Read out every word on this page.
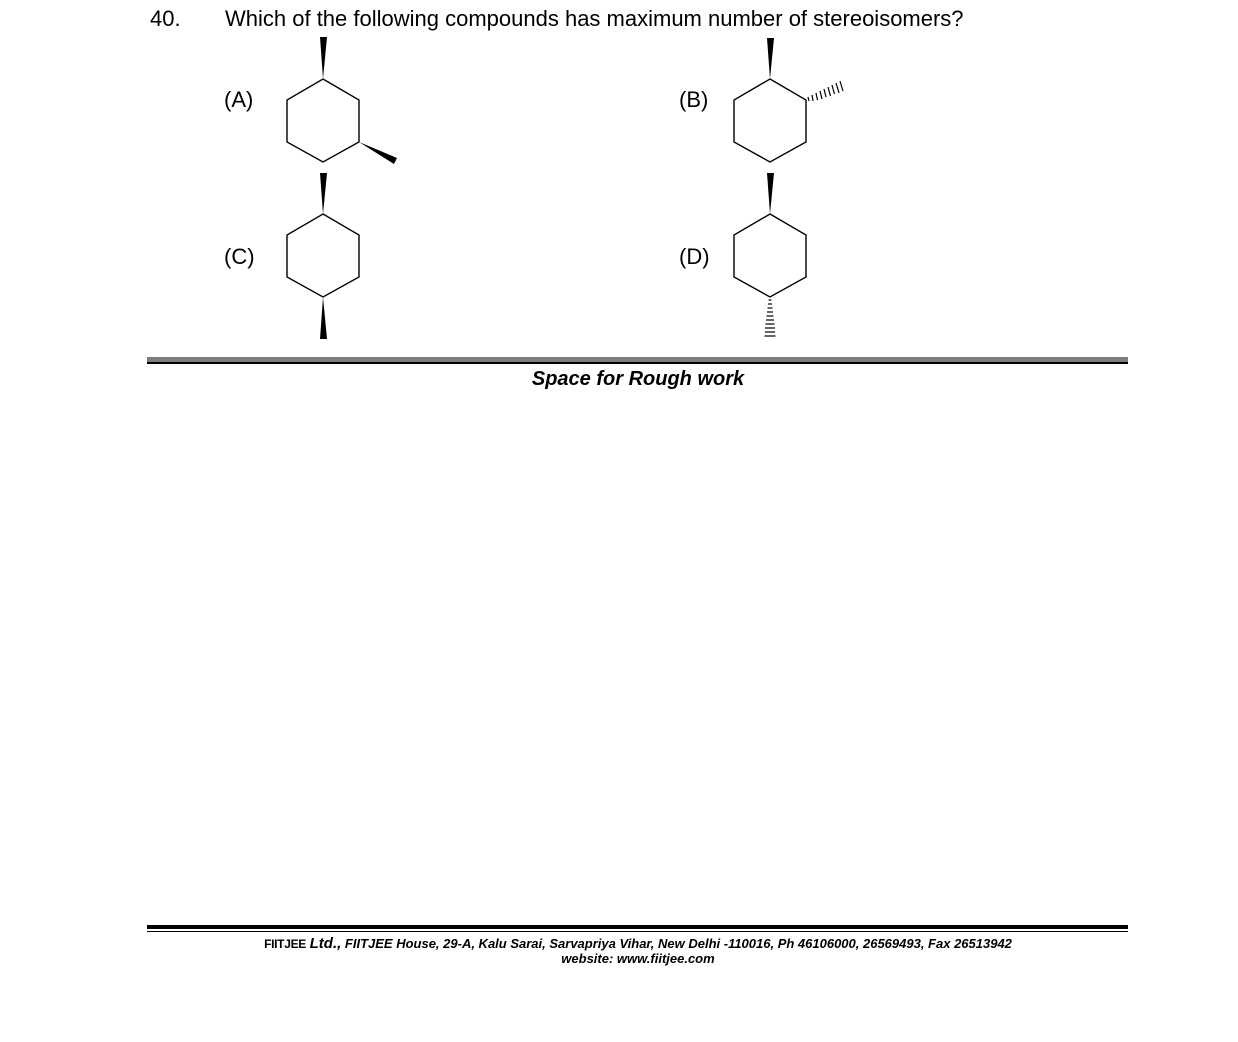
40. Which of the following compounds has maximum number of stereoisomers?
(A)	(B)
(C)	(D)
Space for Rough work
FIITJEE Ltd., FIITJEE House, 29-A, Kalu Sarai, Sarvapriya Vihar, New Delhi -110016, Ph 46106000, 26569493, Fax 26513942
website: www.fiitjee.com
